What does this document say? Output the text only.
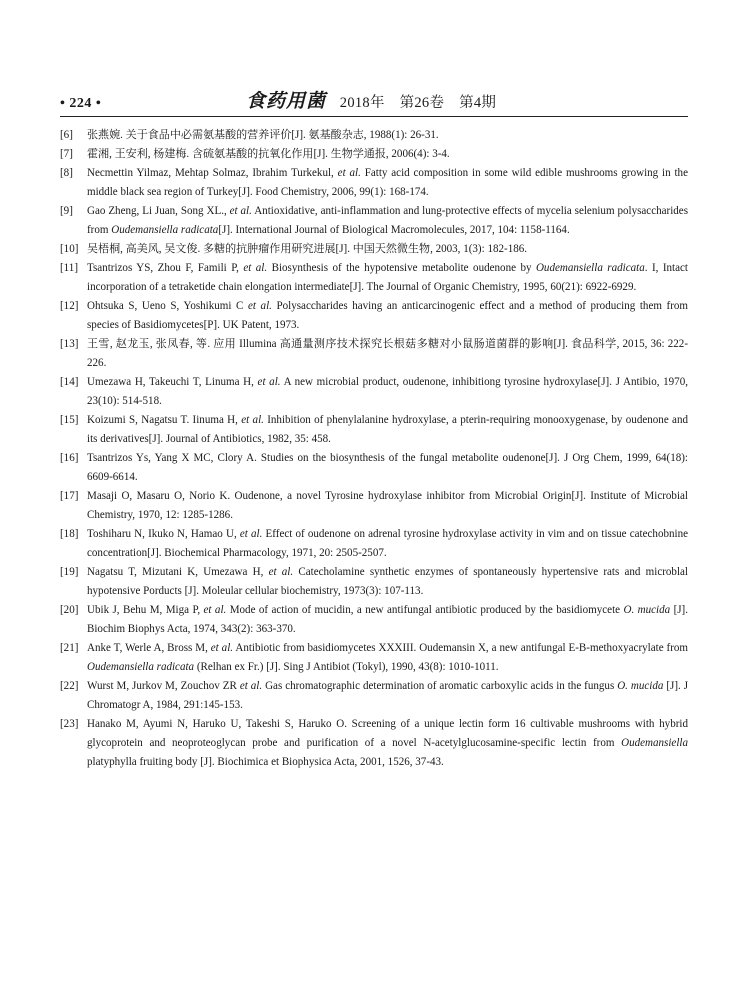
• 224 •	食药用菌 2018年　第26卷　第4期
[6] 张燕婉. 关于食品中必需氨基酸的营养评价[J]. 氨基酸杂志, 1988(1): 26-31.
[7] 霍湘, 王安利, 杨建梅. 含硫氨基酸的抗氧化作用[J]. 生物学通报, 2006(4): 3-4.
[8] Necmettin Yilmaz, Mehtap Solmaz, Ibrahim Turkekul, et al. Fatty acid composition in some wild edible mushrooms growing in the middle black sea region of Turkey[J]. Food Chemistry, 2006, 99(1): 168-174.
[9] Gao Zheng, Li Juan, Song XL., et al. Antioxidative, anti-inflammation and lung-protective effects of mycelia selenium polysaccharides from Oudemansiella radicata[J]. International Journal of Biological Macromolecules, 2017, 104: 1158-1164.
[10] 吴梧桐, 高美风, 吴文俊. 多糖的抗肿瘤作用研究进展[J]. 中国天然微生物, 2003, 1(3): 182-186.
[11] Tsantrizos YS, Zhou F, Famili P, et al. Biosynthesis of the hypotensive metabolite oudenone by Oudemansiella radicata. I, Intact incorporation of a tetraketide chain elongation intermediate[J]. The Journal of Organic Chemistry, 1995, 60(21): 6922-6929.
[12] Ohtsuka S, Ueno S, Yoshikumi C et al. Polysaccharides having an anticarcinogenic effect and a method of producing them from species of Basidiomycetes[P]. UK Patent, 1973.
[13] 王雪, 赵龙玉, 张凤春, 等. 应用 Illumina 高通量测序技术探究长根菇多糖对小鼠肠道菌群的影响[J]. 食品科学, 2015, 36: 222-226.
[14] Umezawa H, Takeuchi T, Linuma H, et al. A new microbial product, oudenone, inhibitiong tyrosine hydroxylase[J]. J Antibio, 1970, 23(10): 514-518.
[15] Koizumi S, Nagatsu T. Iinuma H, et al. Inhibition of phenylalanine hydroxylase, a pterin-requiring monooxygenase, by oudenone and its derivatives[J]. Journal of Antibiotics, 1982, 35: 458.
[16] Tsantrizos Ys, Yang X MC, Clory A. Studies on the biosynthesis of the fungal metabolite oudenone[J]. J Org Chem, 1999, 64(18): 6609-6614.
[17] Masaji O, Masaru O, Norio K. Oudenone, a novel Tyrosine hydroxylase inhibitor from Microbial Origin[J]. Institute of Microbial Chemistry, 1970, 12: 1285-1286.
[18] Toshiharu N, Ikuko N, Hamao U, et al. Effect of oudenone on adrenal tyrosine hydroxylase activity in vim and on tissue catechobnine concentration[J]. Biochemical Pharmacology, 1971, 20: 2505-2507.
[19] Nagatsu T, Mizutani K, Umezawa H, et al. Catecholamine synthetic enzymes of spontaneously hypertensive rats and microblal hypotensive Porducts [J]. Moleular cellular biochemistry, 1973(3): 107-113.
[20] Ubik J, Behu M, Miga P, et al. Mode of action of mucidin, a new antifungal antibiotic produced by the basidiomycete O. mucida [J]. Biochim Biophys Acta, 1974, 343(2): 363-370.
[21] Anke T, Werle A, Bross M, et al. Antibiotic from basidiomycetes XXXIII. Oudemansin X, a new antifungal E-B-methoxyacrylate from Oudemansiella radicata (Relhan ex Fr.) [J]. Sing J Antibiot (Tokyl), 1990, 43(8): 1010-1011.
[22] Wurst M, Jurkov M, Zouchov ZR et al. Gas chromatographic determination of aromatic carboxylic acids in the fungus O. mucida [J]. J Chromatogr A, 1984, 291:145-153.
[23] Hanako M, Ayumi N, Haruko U, Takeshi S, Haruko O. Screening of a unique lectin form 16 cultivable mushrooms with hybrid glycoprotein and neoproteoglycan probe and purification of a novel N-acetylglucosamine-specific lectin from Oudemansiella platyphylla fruiting body [J]. Biochimica et Biophysica Acta, 2001, 1526, 37-43.
